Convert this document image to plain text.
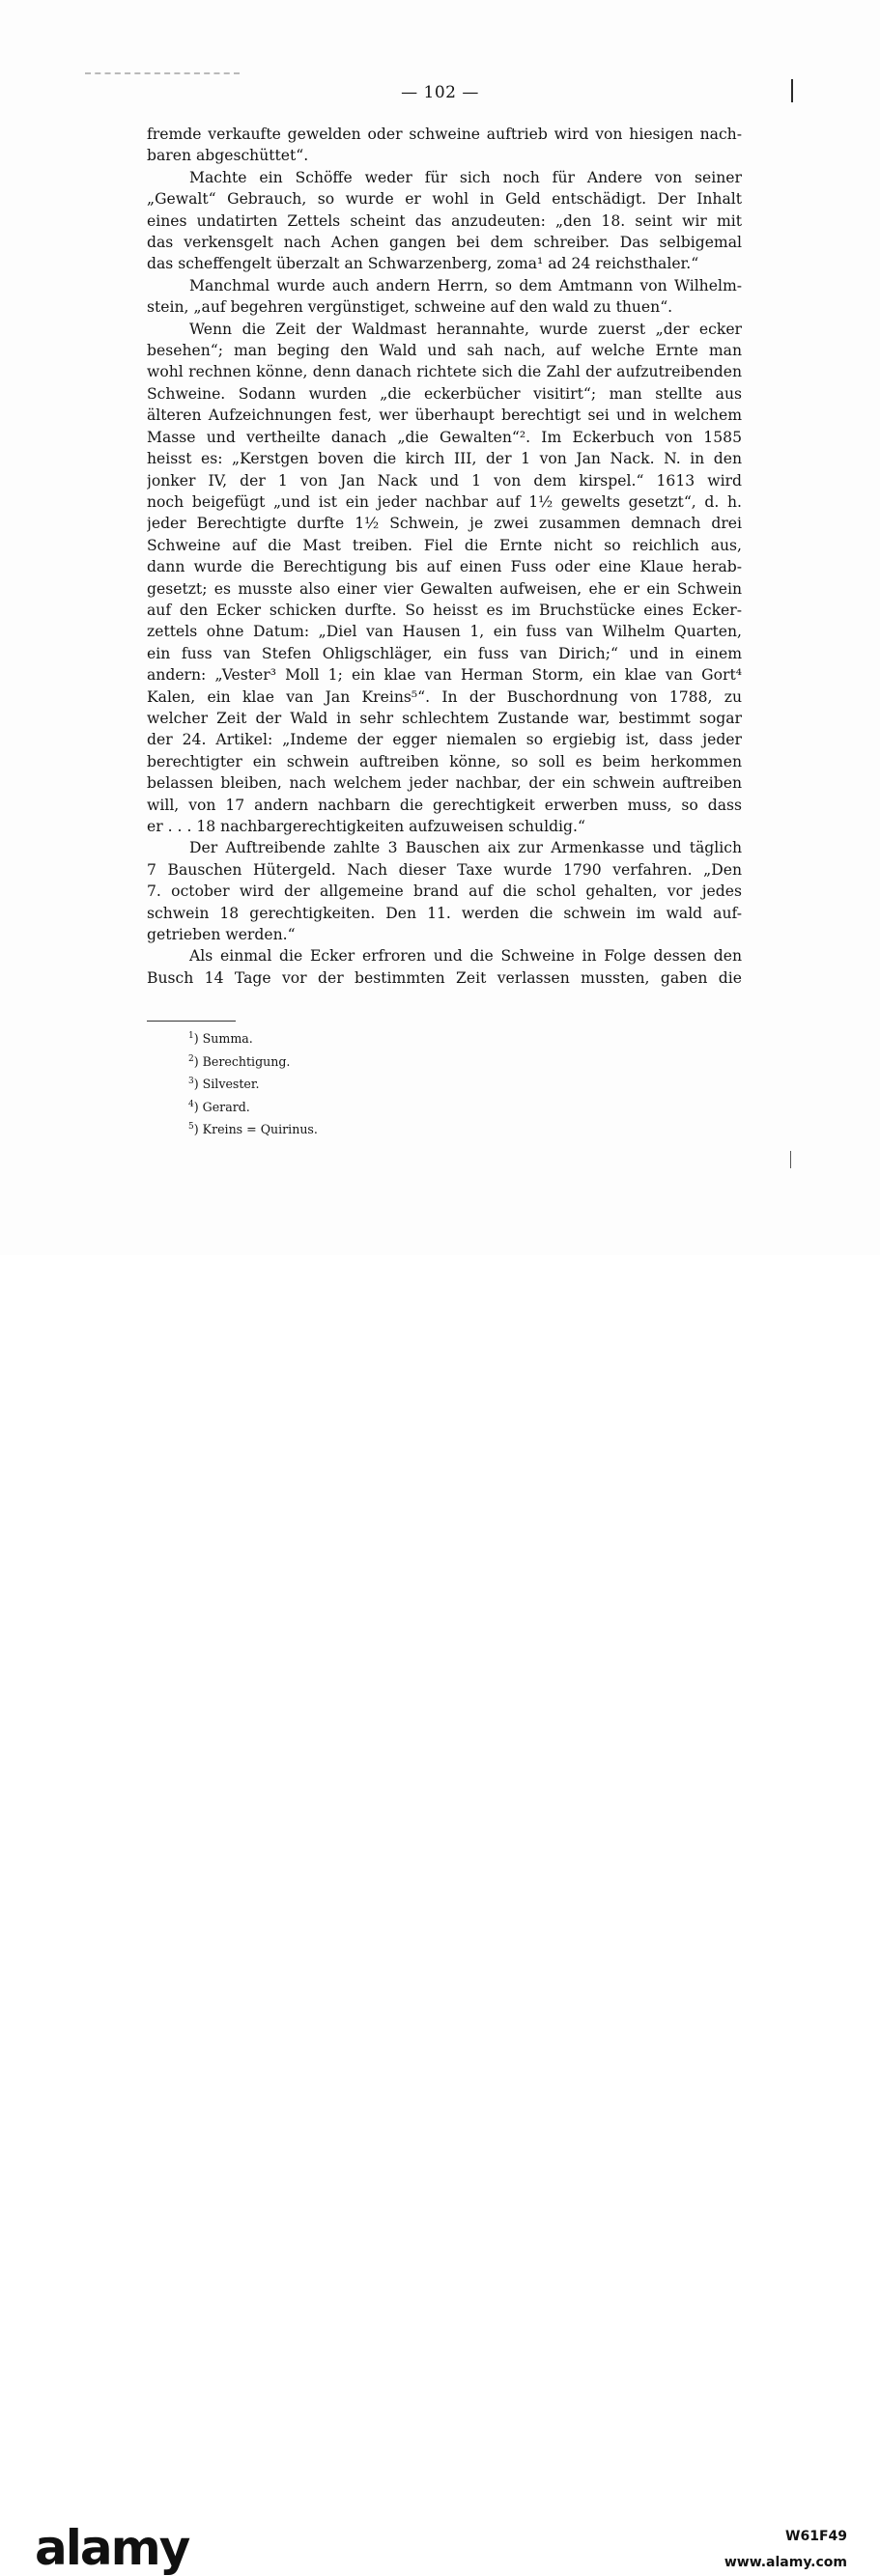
— 102 —
fremde verkaufte gewelden oder schweine auftrieb wird von hiesigen nach-
baren abgeschüttet“.
Machte ein Schöffe weder für sich noch für Andere von seiner
„Gewalt“ Gebrauch, so wurde er wohl in Geld entschädigt. Der Inhalt
eines undatirten Zettels scheint das anzudeuten: „den 18. seint wir mit
das verkensgelt nach Achen gangen bei dem schreiber. Das selbigemal
das scheffengelt überzalt an Schwarzenberg, zoma¹ ad 24 reichsthaler.“
Manchmal wurde auch andern Herrn, so dem Amtmann von Wilhelm-
stein, „auf begehren vergünstiget, schweine auf den wald zu thuen“.
Wenn die Zeit der Waldmast herannahte, wurde zuerst „der ecker
besehen“; man beging den Wald und sah nach, auf welche Ernte man
wohl rechnen könne, denn danach richtete sich die Zahl der aufzutreibenden
Schweine. Sodann wurden „die eckerbücher visitirt“; man stellte aus
älteren Aufzeichnungen fest, wer überhaupt berechtigt sei und in welchem
Masse und vertheilte danach „die Gewalten“². Im Eckerbuch von 1585
heisst es: „Kerstgen boven die kirch III, der 1 von Jan Nack. N. in den
jonker IV, der 1 von Jan Nack und 1 von dem kirspel.“ 1613 wird
noch beigefügt „und ist ein jeder nachbar auf 1½ gewelts gesetzt“, d. h.
jeder Berechtigte durfte 1½ Schwein, je zwei zusammen demnach drei
Schweine auf die Mast treiben. Fiel die Ernte nicht so reichlich aus,
dann wurde die Berechtigung bis auf einen Fuss oder eine Klaue herab-
gesetzt; es musste also einer vier Gewalten aufweisen, ehe er ein Schwein
auf den Ecker schicken durfte. So heisst es im Bruchstücke eines Ecker-
zettels ohne Datum: „Diel van Hausen 1, ein fuss van Wilhelm Quarten,
ein fuss van Stefen Ohligschläger, ein fuss van Dirich;“ und in einem
andern: „Vester³ Moll 1; ein klae van Herman Storm, ein klae van Gort⁴
Kalen, ein klae van Jan Kreins⁵“. In der Buschordnung von 1788, zu
welcher Zeit der Wald in sehr schlechtem Zustande war, bestimmt sogar
der 24. Artikel: „Indeme der egger niemalen so ergiebig ist, dass jeder
berechtigter ein schwein auftreiben könne, so soll es beim herkommen
belassen bleiben, nach welchem jeder nachbar, der ein schwein auftreiben
will, von 17 andern nachbarn die gerechtigkeit erwerben muss, so dass
er . . . 18 nachbargerechtigkeiten aufzuweisen schuldig.“
Der Auftreibende zahlte 3 Bauschen aix zur Armenkasse und täglich
7 Bauschen Hütergeld. Nach dieser Taxe wurde 1790 verfahren. „Den
7. october wird der allgemeine brand auf die schol gehalten, vor jedes
schwein 18 gerechtigkeiten. Den 11. werden die schwein im wald auf-
getrieben werden.“
Als einmal die Ecker erfroren und die Schweine in Folge dessen den
Busch 14 Tage vor der bestimmten Zeit verlassen mussten, gaben die
$^1$) Summa.
$^2$) Berechtigung.
$^3$) Silvester.
$^4$) Gerard.
$^5$) Kreins = Quirinus.
alamy	W61F49
www.alamy.com
